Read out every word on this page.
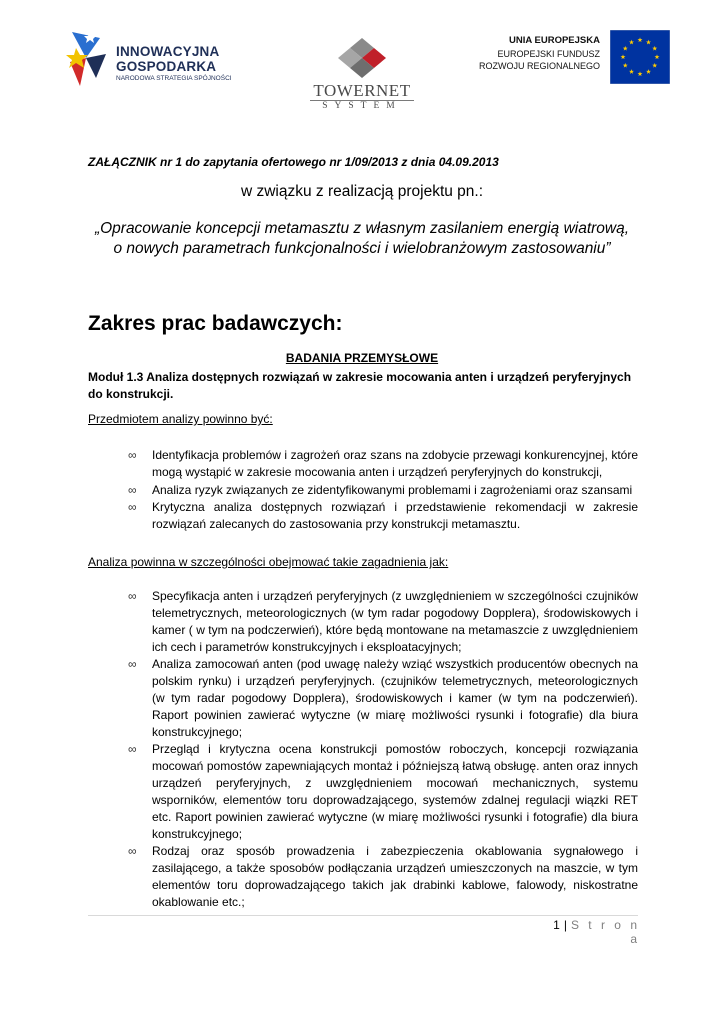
INNOWACYJNA
GOSPODARKA
NARODOWA STRATEGIA SPÓJNOŚCI
TOWERNET
SYSTEM
UNIA EUROPEJSKA
EUROPEJSKI FUNDUSZ
ROZWOJU REGIONALNEGO

ZAŁĄCZNIK nr 1 do zapytania ofertowego nr 1/09/2013 z dnia 04.09.2013

w związku z realizacją projektu pn.:

„Opracowanie koncepcji metamasztu z własnym zasilaniem energią wiatrową,
o nowych parametrach funkcjonalności i wielobranżowym zastosowaniu”

Zakres prac badawczych:

BADANIA PRZEMYSŁOWE

Moduł 1.3 Analiza dostępnych rozwiązań w zakresie mocowania anten i urządzeń peryferyjnych do konstrukcji.

Przedmiotem analizy powinno być:

∞ Identyfikacja problemów i zagrożeń oraz szans na zdobycie przewagi konkurencyjnej, które mogą wystąpić w zakresie mocowania anten i urządzeń peryferyjnych do konstrukcji,
∞ Analiza ryzyk związanych ze zidentyfikowanymi problemami i zagrożeniami oraz szansami
∞ Krytyczna analiza dostępnych rozwiązań i przedstawienie rekomendacji w zakresie rozwiązań zalecanych do zastosowania przy konstrukcji metamasztu.

Analiza powinna w szczególności obejmować takie zagadnienia jak:

∞ Specyfikacja anten i urządzeń peryferyjnych (z uwzględnieniem w szczególności czujników telemetrycznych, meteorologicznych (w tym radar pogodowy Dopplera), środowiskowych i kamer ( w tym na podczerwień), które będą montowane na metamaszcie z uwzględnieniem ich cech i parametrów konstrukcyjnych i eksploatacyjnych;
∞ Analiza zamocowań anten (pod uwagę należy wziąć wszystkich producentów obecnych na polskim rynku) i urządzeń peryferyjnych. (czujników telemetrycznych, meteorologicznych (w tym radar pogodowy Dopplera), środowiskowych i kamer (w tym na podczerwień). Raport powinien zawierać wytyczne (w miarę możliwości rysunki i fotografie) dla biura konstrukcyjnego;
∞ Przegląd i krytyczna ocena konstrukcji pomostów roboczych, koncepcji rozwiązania mocowań pomostów zapewniających montaż i późniejszą łatwą obsługę. anten oraz innych urządzeń peryferyjnych, z uwzględnieniem mocowań mechanicznych, systemu wsporników, elementów toru doprowadzającego, systemów zdalnej regulacji wiązki RET etc. Raport powinien zawierać wytyczne (w miarę możliwości rysunki i fotografie) dla biura konstrukcyjnego;
∞ Rodzaj oraz sposób prowadzenia i zabezpieczenia okablowania sygnałowego i zasilającego, a także sposobów podłączania urządzeń umieszczonych na maszcie, w tym elementów toru doprowadzającego takich jak drabinki kablowe, falowody, niskostratne okablowanie etc.;
1 | S t r o n a
